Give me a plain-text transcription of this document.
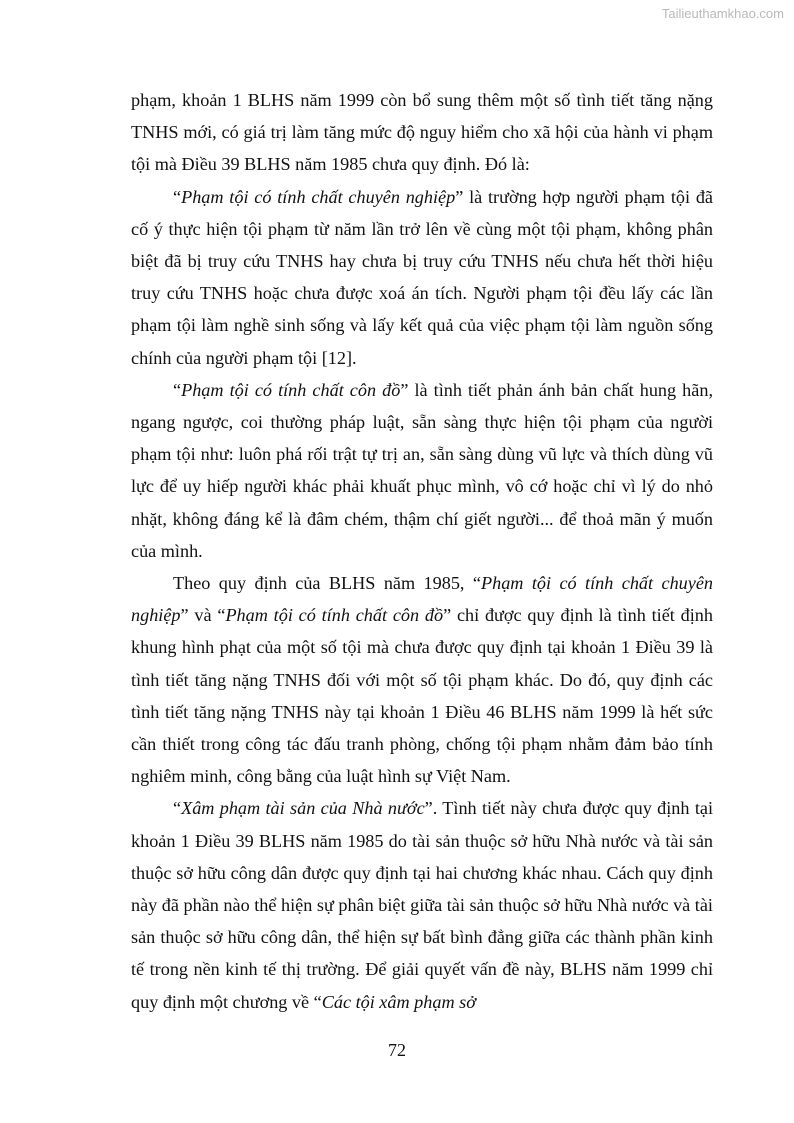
Tailieuthamkhao.com

phạm, khoản 1 BLHS năm 1999 còn bổ sung thêm một số tình tiết tăng nặng TNHS mới, có giá trị làm tăng mức độ nguy hiểm cho xã hội của hành vi phạm tội mà Điều 39 BLHS năm 1985 chưa quy định. Đó là:

“Phạm tội có tính chất chuyên nghiệp” là trường hợp người phạm tội đã cố ý thực hiện tội phạm từ năm lần trở lên về cùng một tội phạm, không phân biệt đã bị truy cứu TNHS hay chưa bị truy cứu TNHS nếu chưa hết thời hiệu truy cứu TNHS hoặc chưa được xoá án tích. Người phạm tội đều lấy các lần phạm tội làm nghề sinh sống và lấy kết quả của việc phạm tội làm nguồn sống chính của người phạm tội [12].

“Phạm tội có tính chất côn đồ” là tình tiết phản ánh bản chất hung hãn, ngang ngược, coi thường pháp luật, sẵn sàng thực hiện tội phạm của người phạm tội như: luôn phá rối trật tự trị an, sẵn sàng dùng vũ lực và thích dùng vũ lực để uy hiếp người khác phải khuất phục mình, vô cớ hoặc chỉ vì lý do nhỏ nhặt, không đáng kể là đâm chém, thậm chí giết người... để thoả mãn ý muốn của mình.

Theo quy định của BLHS năm 1985, “Phạm tội có tính chất chuyên nghiệp” và “Phạm tội có tính chất côn đồ” chỉ được quy định là tình tiết định khung hình phạt của một số tội mà chưa được quy định tại khoản 1 Điều 39 là tình tiết tăng nặng TNHS đối với một số tội phạm khác. Do đó, quy định các tình tiết tăng nặng TNHS này tại khoản 1 Điều 46 BLHS năm 1999 là hết sức cần thiết trong công tác đấu tranh phòng, chống tội phạm nhằm đảm bảo tính nghiêm minh, công bằng của luật hình sự Việt Nam.

“Xâm phạm tài sản của Nhà nước”. Tình tiết này chưa được quy định tại khoản 1 Điều 39 BLHS năm 1985 do tài sản thuộc sở hữu Nhà nước và tài sản thuộc sở hữu công dân được quy định tại hai chương khác nhau. Cách quy định này đã phần nào thể hiện sự phân biệt giữa tài sản thuộc sở hữu Nhà nước và tài sản thuộc sở hữu công dân, thể hiện sự bất bình đẳng giữa các thành phần kinh tế trong nền kinh tế thị trường. Để giải quyết vấn đề này, BLHS năm 1999 chỉ quy định một chương về “Các tội xâm phạm sở

72
